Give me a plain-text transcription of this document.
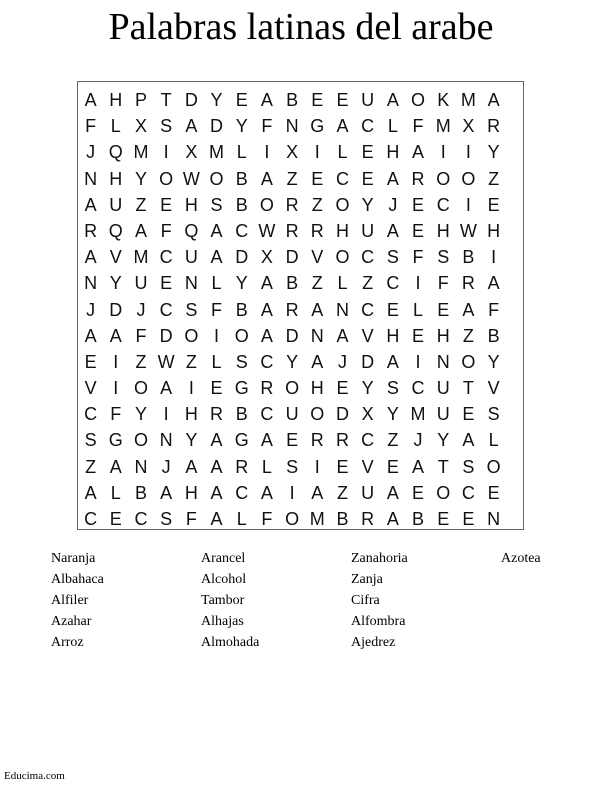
Palabras latinas del arabe
A H P T D Y E A B E E U A O K M A
F L X S A D Y F N G A C L F M X R
J Q M I X M L I X I L E H A I	I Y
N H Y O W O B A Z E C E A R O O Z
A U Z E H S B O R Z O Y J E C I E
R Q A F Q A C W R R H U A E H W H
A V M C U A D X D V O C S F S B I
N Y U E N L Y A B Z L Z C I F R A
J D J C S F B A R A N C E L E A F
A A F D O I O A D N A V H E H Z B
E I Z W Z L S C Y A J D A I N O Y
V I O A I E G R O H E Y S C U T V
C F Y I H R B C U O D X Y M U E S
S G O N Y A G A E R R C Z J Y A L
Z A N J A A R L S I E V E A T S O
A L B A H A C A I A Z U A E O C E
C E C S F A L F O M B R A B E E N
Naranja
Albahaca
Alfiler
Azahar
Arroz
Arancel
Alcohol
Tambor
Alhajas
Almohada
Zanahoria
Zanja
Cifra
Alfombra
Ajedrez
Azotea
Educima.com
